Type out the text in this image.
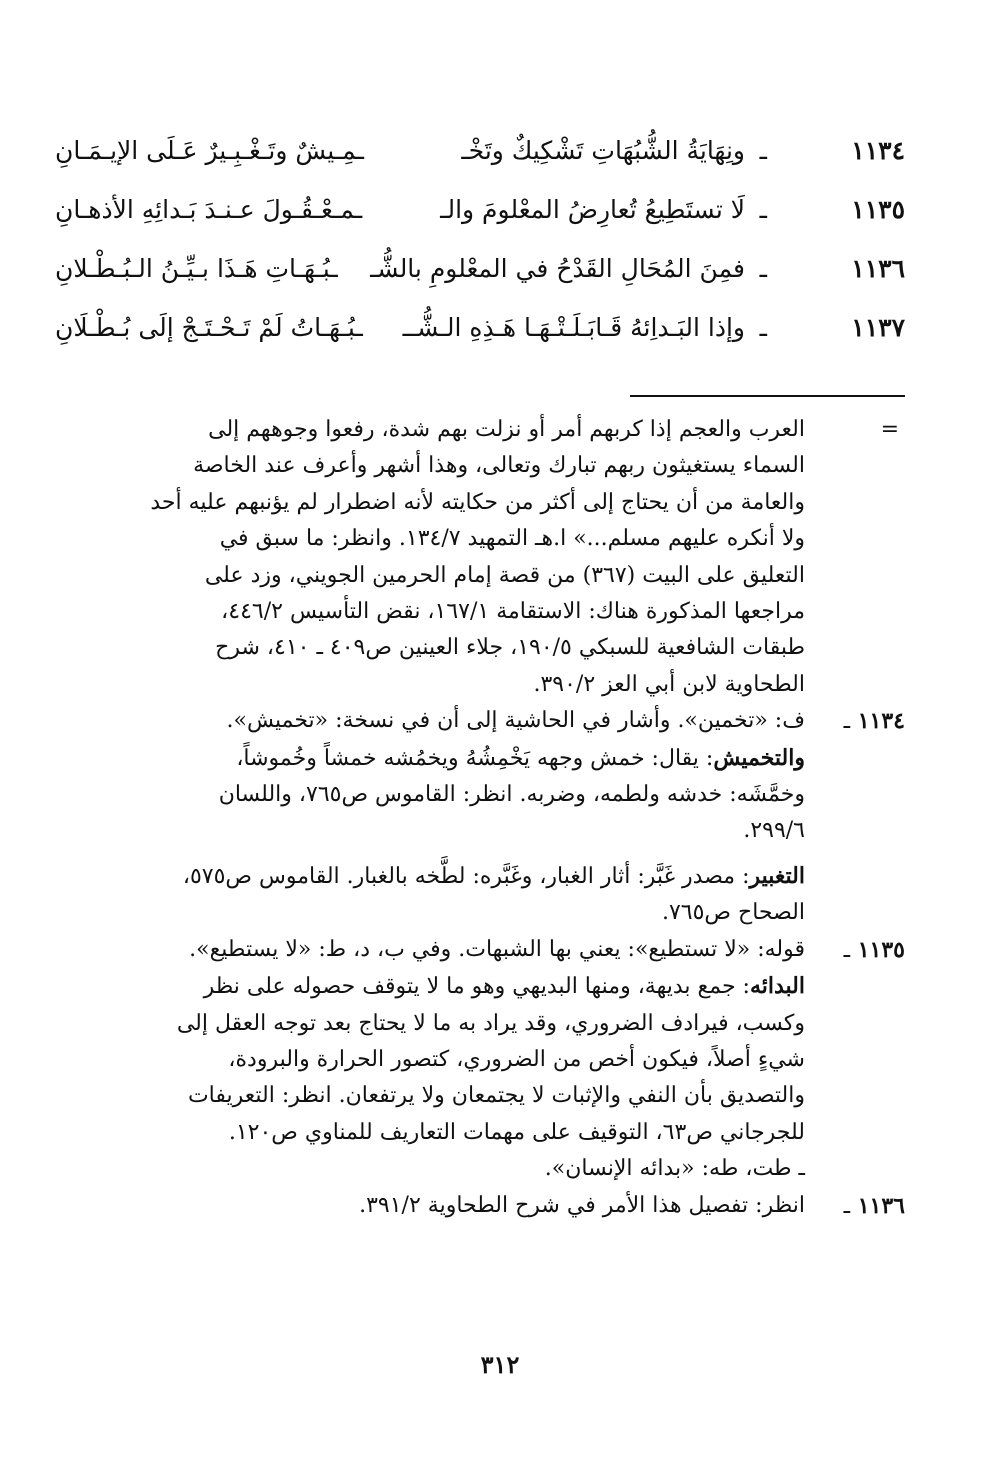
١١٣٤
ـ
ونِهَايَةُ الشُّبُهَاتِ تَشْكِيكٌ وتَخْـ
ـمِـيشٌ وتَـغْـبِـيرٌ عَـلَى الإيـمَـانِ
١١٣٥
ـ
لَا تستَطِيعُ تُعارِضُ المعْلومَ والـ
ـمـعْـقُـولَ عـنـدَ بَـدائِهِ الأذهـانِ
١١٣٦
ـ
فمِنَ المُحَالِ القَدْحُ في المعْلومِ بالشُّـ
ـبُـهَـاتِ هَـذَا بـيِّـنُ الـبُـطْـلانِ
١١٣٧
ـ
وإذا البَـداِئهُ قَـابَـلَـتْـهَـا هَـذِهِ الـشُّــ
ـبُـهَـاتُ لَمْ تَـحْـتَـجْ إلَى بُـطْـلَانِ
=
العرب والعجم إذا كربهم أمر أو نزلت بهم شدة، رفعوا وجوههم إلى
السماء يستغيثون ربهم تبارك وتعالى، وهذا أشهر وأعرف عند الخاصة
والعامة من أن يحتاج إلى أكثر من حكايته لأنه اضطرار لم يؤنبهم عليه أحد
ولا أنكره عليهم مسلم...» ا.هـ التمهيد ١٣٤/٧. وانظر: ما سبق في
التعليق على البيت (٣٦٧) من قصة إمام الحرمين الجويني، وزد على
مراجعها المذكورة هناك: الاستقامة ١٦٧/١، نقض التأسيس ٤٤٦/٢،
طبقات الشافعية للسبكي ١٩٠/٥، جلاء العينين ص٤٠٩ ـ ٤١٠، شرح
الطحاوية لابن أبي العز ٣٩٠/٢.
١١٣٤ ـ
ف: «تخمين». وأشار في الحاشية إلى أن في نسخة: «تخميش».
والتخميش: يقال: خمش وجهه يَخْمِشُهُ ويخمُشه خمشاً وخُموشاً،
وخمَّشَه: خدشه ولطمه، وضربه. انظر: القاموس ص٧٦٥، واللسان
٢٩٩/٦.
التغبير: مصدر غَبَّر: أثار الغبار، وغَبَّره: لطَّخه بالغبار. القاموس ص٥٧٥،
الصحاح ص٧٦٥.
١١٣٥ ـ
قوله: «لا تستطيع»: يعني بها الشبهات. وفي ب، د، ط: «لا يستطيع».
البدائه: جمع بديهة، ومنها البديهي وهو ما لا يتوقف حصوله على نظر
وكسب، فيرادف الضروري، وقد يراد به ما لا يحتاج بعد توجه العقل إلى
شيءٍ أصلاً، فيكون أخص من الضروري، كتصور الحرارة والبرودة،
والتصديق بأن النفي والإثبات لا يجتمعان ولا يرتفعان. انظر: التعريفات
للجرجاني ص٦٣، التوقيف على مهمات التعاريف للمناوي ص١٢٠.
ـ طت، طه: «بدائه الإنسان».
١١٣٦ ـ
انظر: تفصيل هذا الأمر في شرح الطحاوية ٣٩١/٢.
٣١٢
